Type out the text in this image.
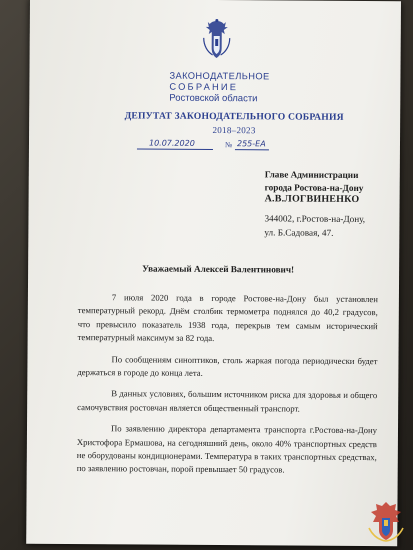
ЗАКОНОДАТЕЛЬНОЕ
СОБРАНИЕ
Ростовской области
ДЕПУТАТ ЗАКОНОДАТЕЛЬНОГО СОБРАНИЯ
2018–2023
10.07.2020	№ 255-ЕА
Главе Администрации
города Ростова-на-Дону
А.В.ЛОГВИНЕНКО
344002, г.Ростов-на-Дону,
ул. Б.Садовая, 47.
Уважаемый Алексей Валентинович!

7 июля 2020 года в городе Ростове-на-Дону был установлен температурный рекорд. Днём столбик термометра поднялся до 40,2 градусов, что превысило показатель 1938 года, перекрыв тем самым исторический температурный максимум за 82 года.

По сообщениям синоптиков, столь жаркая погода периодически будет держаться в городе до конца лета.

В данных условиях, большим источником риска для здоровья и общего самочувствия ростовчан является общественный транспорт.

По заявлению директора департамента транспорта г.Ростова-на-Дону Христофора Ермашова, на сегодняшний день, около 40% транспортных средств не оборудованы кондиционерами. Температура в таких транспортных средствах, по заявлению ростовчан, порой превышает 50 градусов.
